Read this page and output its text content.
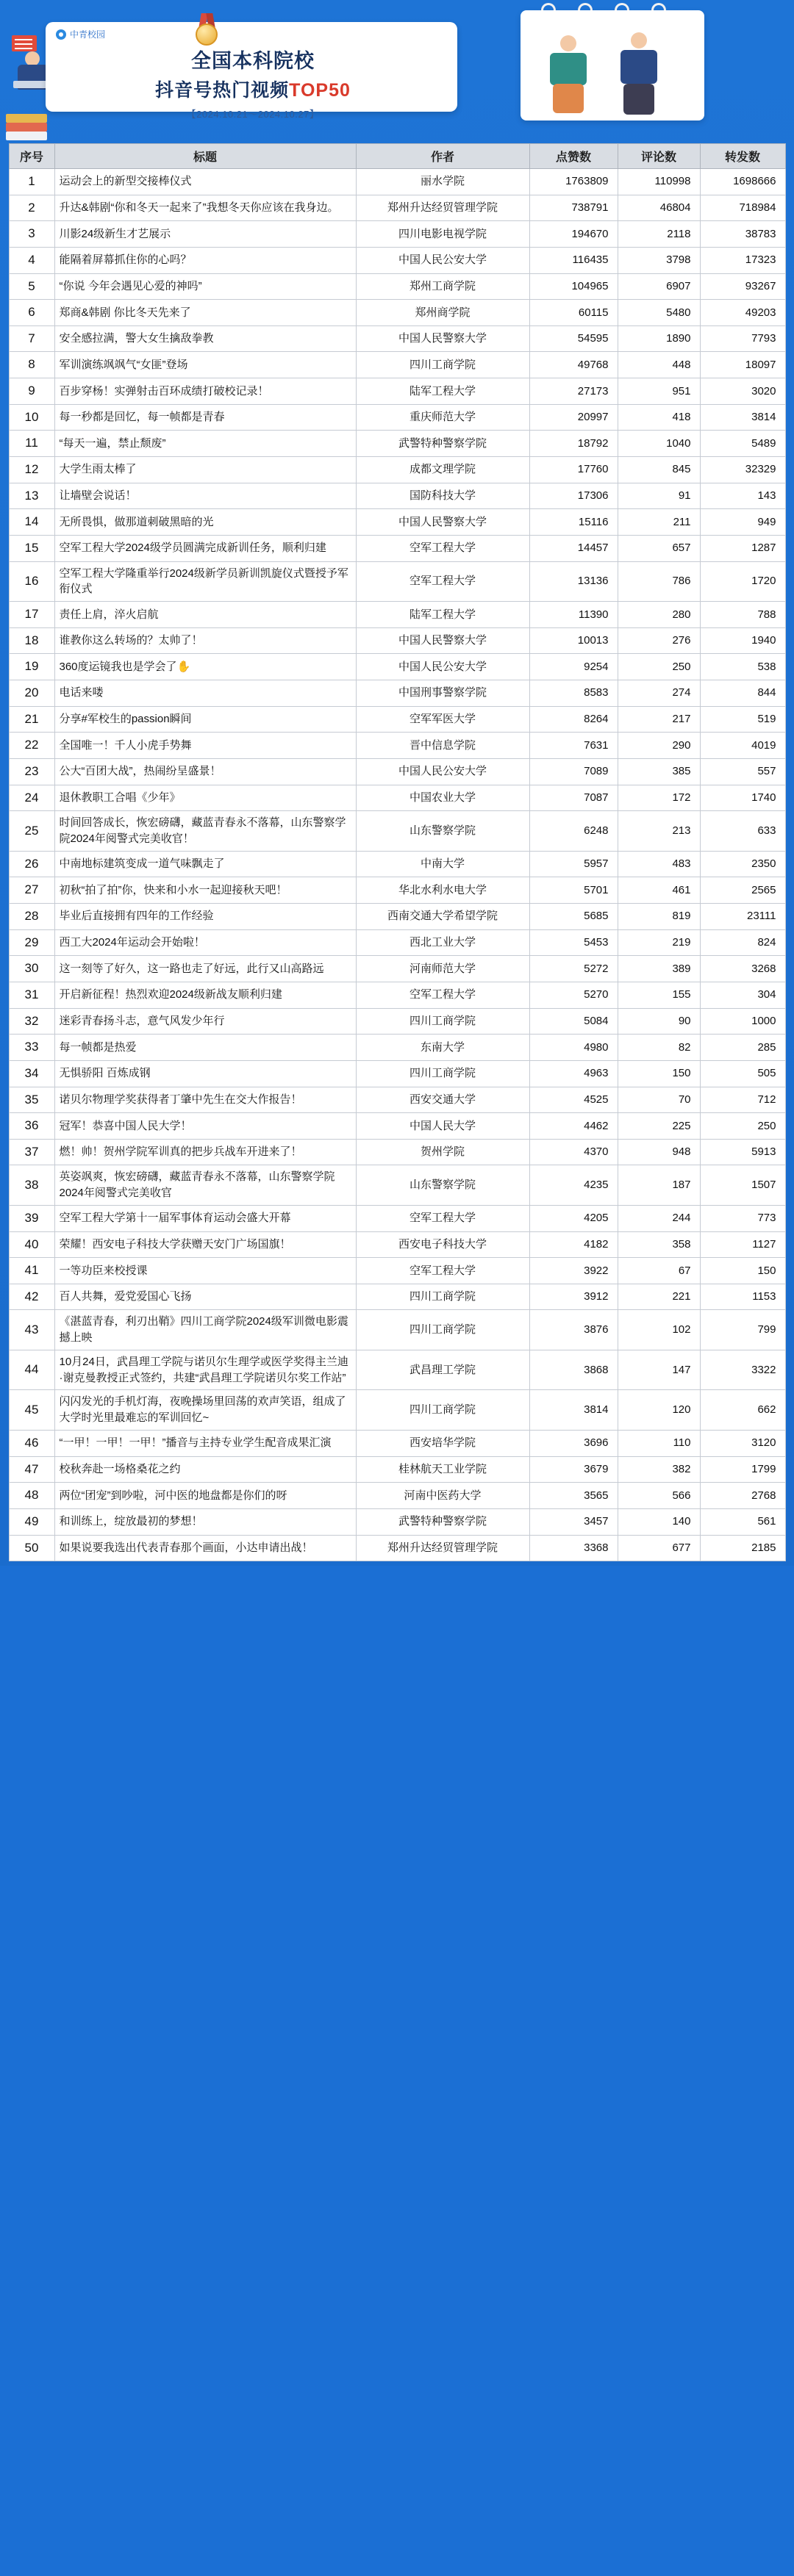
中青校园
全国本科院校
抖音号热门视频TOP50
【2024.10.21～2024.10.27】
序号	标题	作者	点赞数	评论数	转发数
1	运动会上的新型交接棒仪式	丽水学院	1763809	110998	1698666
2	升达&韩剧“你和冬天一起来了”我想冬天你应该在我身边。	郑州升达经贸管理学院	738791	46804	718984
3	川影24级新生才艺展示	四川电影电视学院	194670	2118	38783
4	能隔着屏幕抓住你的心吗？	中国人民公安大学	116435	3798	17323
5	“你说 今年会遇见心爱的神吗”	郑州工商学院	104965	6907	93267
6	郑商&韩剧 你比冬天先来了	郑州商学院	60115	5480	49203
7	安全感拉满，警大女生擒敌拳教	中国人民警察大学	54595	1890	7793
8	军训演练飒飒气“女匪”登场	四川工商学院	49768	448	18097
9	百步穿杨！实弹射击百环成绩打破校记录！	陆军工程大学	27173	951	3020
10	每一秒都是回忆，每一帧都是青春	重庆师范大学	20997	418	3814
11	“每天一遍，禁止颓废”	武警特种警察学院	18792	1040	5489
12	大学生雨太棒了	成都文理学院	17760	845	32329
13	让墙壁会说话！	国防科技大学	17306	91	143
14	无所畏惧，做那道刺破黑暗的光	中国人民警察大学	15116	211	949
15	空军工程大学2024级学员圆满完成新训任务，顺利归建	空军工程大学	14457	657	1287
16	空军工程大学隆重举行2024级新学员新训凯旋仪式暨授予军衔仪式	空军工程大学	13136	786	1720
17	责任上肩，淬火启航	陆军工程大学	11390	280	788
18	谁教你这么转场的？太帅了！	中国人民警察大学	10013	276	1940
19	360度运镜我也是学会了✋	中国人民公安大学	9254	250	538
20	电话来喽	中国刑事警察学院	8583	274	844
21	分享#军校生的passion瞬间	空军军医大学	8264	217	519
22	全国唯一！千人小虎手势舞	晋中信息学院	7631	290	4019
23	公大“百团大战”，热闹纷呈盛景！	中国人民公安大学	7089	385	557
24	退休教职工合唱《少年》	中国农业大学	7087	172	1740
25	时间回答成长，恢宏磅礴，藏蓝青春永不落幕，山东警察学院2024年阅警式完美收官！	山东警察学院	6248	213	633
26	中南地标建筑变成一道气味飘走了	中南大学	5957	483	2350
27	初秋“拍了拍”你，快来和小水一起迎接秋天吧！	华北水利水电大学	5701	461	2565
28	毕业后直接拥有四年的工作经验	西南交通大学希望学院	5685	819	23111
29	西工大2024年运动会开始啦！	西北工业大学	5453	219	824
30	这一刻等了好久，这一路也走了好远，此行又山高路远	河南师范大学	5272	389	3268
31	开启新征程！热烈欢迎2024级新战友顺利归建	空军工程大学	5270	155	304
32	迷彩青春扬斗志，意气风发少年行	四川工商学院	5084	90	1000
33	每一帧都是热爱	东南大学	4980	82	285
34	无惧骄阳 百炼成钢	四川工商学院	4963	150	505
35	诺贝尔物理学奖获得者丁肇中先生在交大作报告！	西安交通大学	4525	70	712
36	冠军！恭喜中国人民大学！	中国人民大学	4462	225	250
37	燃！帅！贺州学院军训真的把步兵战车开进来了！	贺州学院	4370	948	5913
38	英姿飒爽，恢宏磅礴，藏蓝青春永不落幕，山东警察学院2024年阅警式完美收官	山东警察学院	4235	187	1507
39	空军工程大学第十一届军事体育运动会盛大开幕	空军工程大学	4205	244	773
40	荣耀！西安电子科技大学获赠天安门广场国旗！	西安电子科技大学	4182	358	1127
41	一等功臣来校授课	空军工程大学	3922	67	150
42	百人共舞，爱党爱国心飞扬	四川工商学院	3912	221	1153
43	《湛蓝青春，利刃出鞘》四川工商学院2024级军训微电影震撼上映	四川工商学院	3876	102	799
44	10月24日，武昌理工学院与诺贝尔生理学或医学奖得主兰迪·谢克曼教授正式签约，共建“武昌理工学院诺贝尔奖工作站”	武昌理工学院	3868	147	3322
45	闪闪发光的手机灯海，夜晚操场里回荡的欢声笑语，组成了大学时光里最难忘的军训回忆~	四川工商学院	3814	120	662
46	“一甲！一甲！一甲！”播音与主持专业学生配音成果汇演	西安培华学院	3696	110	3120
47	校秋奔赴一场格桑花之约	桂林航天工业学院	3679	382	1799
48	两位“团宠”到吵啦，河中医的地盘都是你们的呀	河南中医药大学	3565	566	2768
49	和训练上，绽放最初的梦想！	武警特种警察学院	3457	140	561
50	如果说要我选出代表青春那个画面，小达申请出战！	郑州升达经贸管理学院	3368	677	2185
